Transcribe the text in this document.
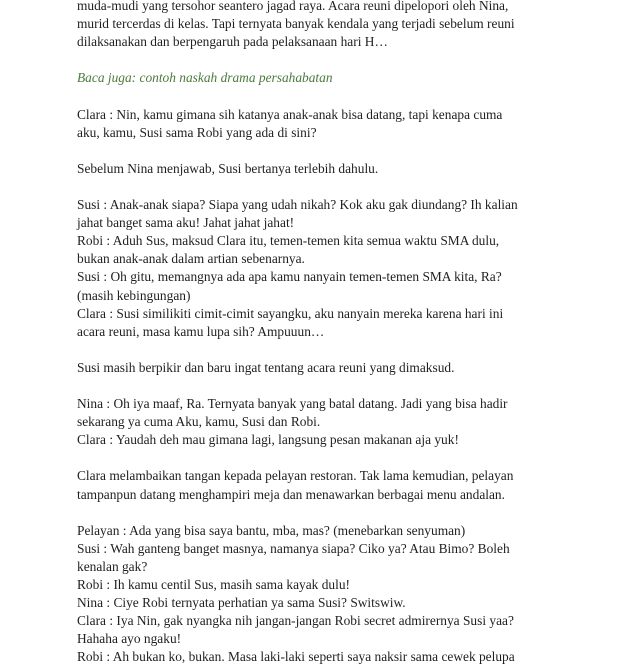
muda-mudi yang tersohor seantero jagad raya. Acara reuni dipelopori oleh Nina,
murid tercerdas di kelas. Tapi ternyata banyak kendala yang terjadi sebelum reuni
dilaksanakan dan berpengaruh pada pelaksanaan hari H…

Baca juga: contoh naskah drama persahabatan

Clara : Nin, kamu gimana sih katanya anak-anak bisa datang, tapi kenapa cuma
aku, kamu, Susi sama Robi yang ada di sini?

Sebelum Nina menjawab, Susi bertanya terlebih dahulu.

Susi : Anak-anak siapa? Siapa yang udah nikah? Kok aku gak diundang? Ih kalian
jahat banget sama aku! Jahat jahat jahat!
Robi : Aduh Sus, maksud Clara itu, temen-temen kita semua waktu SMA dulu,
bukan anak-anak dalam artian sebenarnya.
Susi : Oh gitu, memangnya ada apa kamu nanyain temen-temen SMA kita, Ra?
(masih kebingungan)
Clara : Susi similikiti cimit-cimit sayangku, aku nanyain mereka karena hari ini
acara reuni, masa kamu lupa sih? Ampuuun…

Susi masih berpikir dan baru ingat tentang acara reuni yang dimaksud.

Nina : Oh iya maaf, Ra. Ternyata banyak yang batal datang. Jadi yang bisa hadir
sekarang ya cuma Aku, kamu, Susi dan Robi.
Clara : Yaudah deh mau gimana lagi, langsung pesan makanan aja yuk!

Clara melambaikan tangan kepada pelayan restoran. Tak lama kemudian, pelayan
tampanpun datang menghampiri meja dan menawarkan berbagai menu andalan.

Pelayan : Ada yang bisa saya bantu, mba, mas? (menebarkan senyuman)
Susi : Wah ganteng banget masnya, namanya siapa? Ciko ya? Atau Bimo? Boleh
kenalan gak?
Robi : Ih kamu centil Sus, masih sama kayak dulu!
Nina : Ciye Robi ternyata perhatian ya sama Susi? Switswiw.
Clara : Iya Nin, gak nyangka nih jangan-jangan Robi secret admirernya Susi yaa?
Hahaha ayo ngaku!
Robi : Ah bukan ko, bukan. Masa laki-laki seperti saya naksir sama cewek pelupa
